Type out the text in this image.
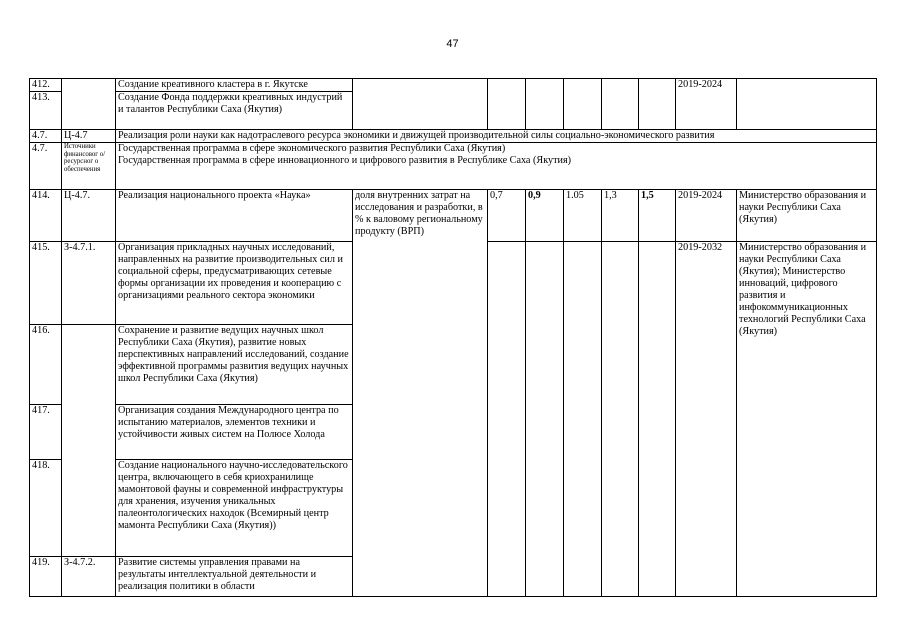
47
412.		Создание креативного кластера в г. Якутске							2019-2024	
413.		Создание Фонда поддержки креативных индустрий и талантов Республики Саха (Якутия)								
4.7.	Ц-4.7	Реализация роли науки как надотраслевого ресурса экономики и движущей производительной силы социально-экономического развития								
4.7.	Источники финансовог о/ресурсног о обеспечения	Государственная программа в сфере экономического развития Республики Саха (Якутия)
Государственная программа в сфере инновационного и цифрового развития в Республике Саха (Якутия)								

414.	Ц-4.7.	Реализация национального проекта «Наука»	доля внутренних затрат на исследования и разработки, в % к валовому региональному продукту (ВРП)	0,7	0,9	1.05	1,3	1,5	2019-2024	Министерство образования и науки Республики Саха (Якутия)
415.	З-4.7.1.	Организация прикладных научных исследований, направленных на развитие производительных сил и социальной сферы, предусматривающих сетевые формы организации их проведения и кооперацию с организациями реального сектора экономики							2019-2032	Министерство образования и науки Республики Саха (Якутия); Министерство инноваций, цифрового развития и инфокоммуникационных технологий Республики Саха (Якутия)
416.		Сохранение и развитие ведущих научных школ Республики Саха (Якутия), развитие новых перспективных направлений исследований, создание эффективной программы развития ведущих научных школ Республики Саха (Якутия)								
417.		Организация создания Международного центра по испытанию материалов, элементов техники и устойчивости живых систем на Полюсе Холода								
418.		Создание национального научно-исследовательского центра, включающего в себя криохранилище мамонтовой фауны и современной инфраструктуры для хранения, изучения уникальных палеонтологических находок (Всемирный центр мамонта Республики Саха (Якутия))								
419.	З-4.7.2.	Развитие системы управления правами на результаты интеллектуальной деятельности и реализация политики в области								
